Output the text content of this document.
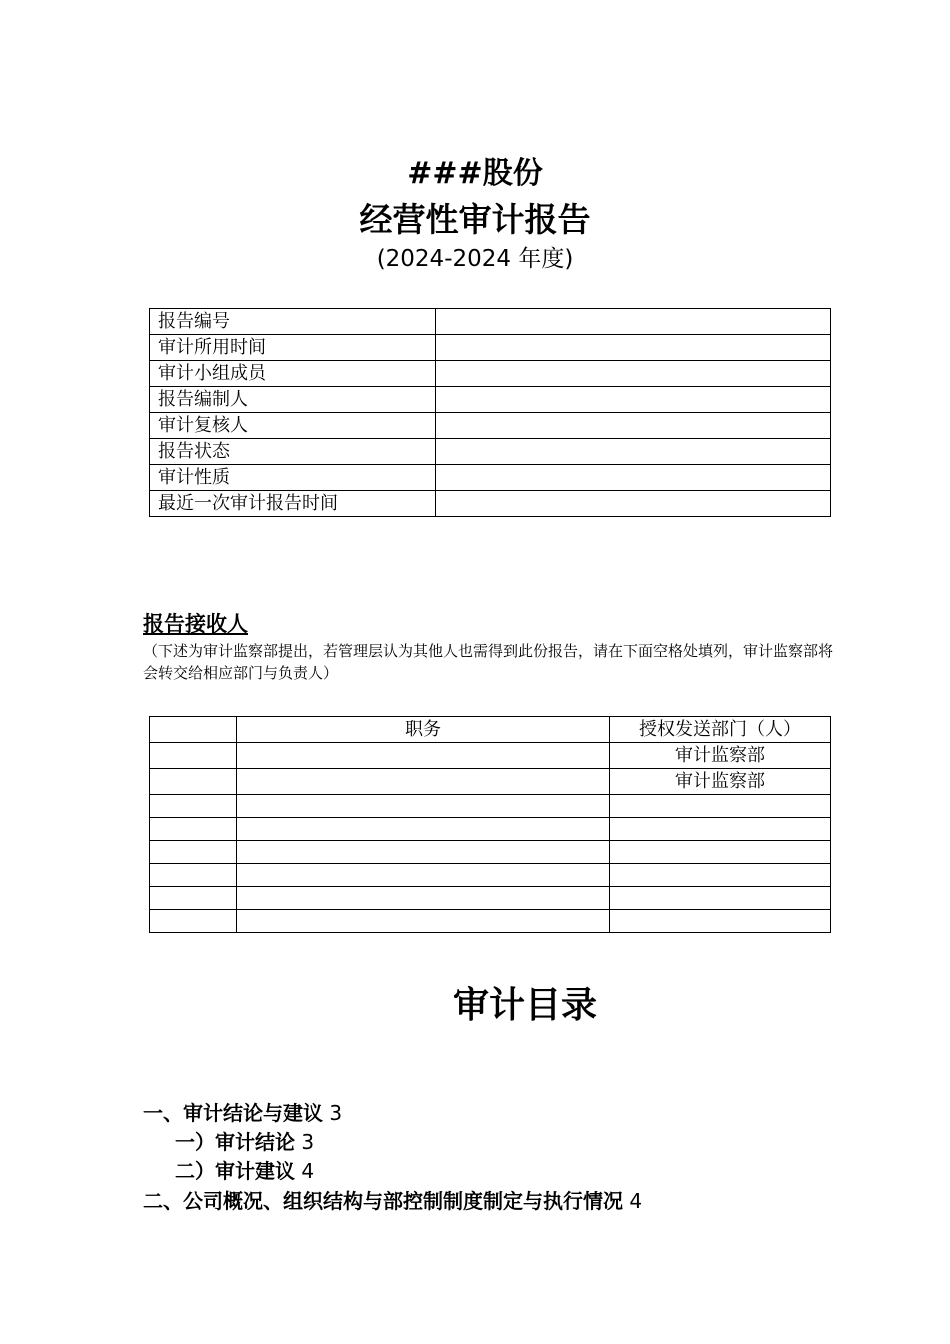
###股份
经营性审计报告
(2024-2024 年度)
报告编号	
审计所用时间	
审计小组成员	
报告编制人	
审计复核人	
报告状态	
审计性质	
最近一次审计报告时间	
报告接收人
（下述为审计监察部提出，若管理层认为其他人也需得到此份报告，请在下面空格处填列，审计监察部将会转交给相应部门与负责人）
	职务	授权发送部门（人）
		审计监察部
		审计监察部

审计目录
一、审计结论与建议 3
一）审计结论 3
二）审计建议 4
二、公司概况、组织结构与部控制制度制定与执行情况 4
